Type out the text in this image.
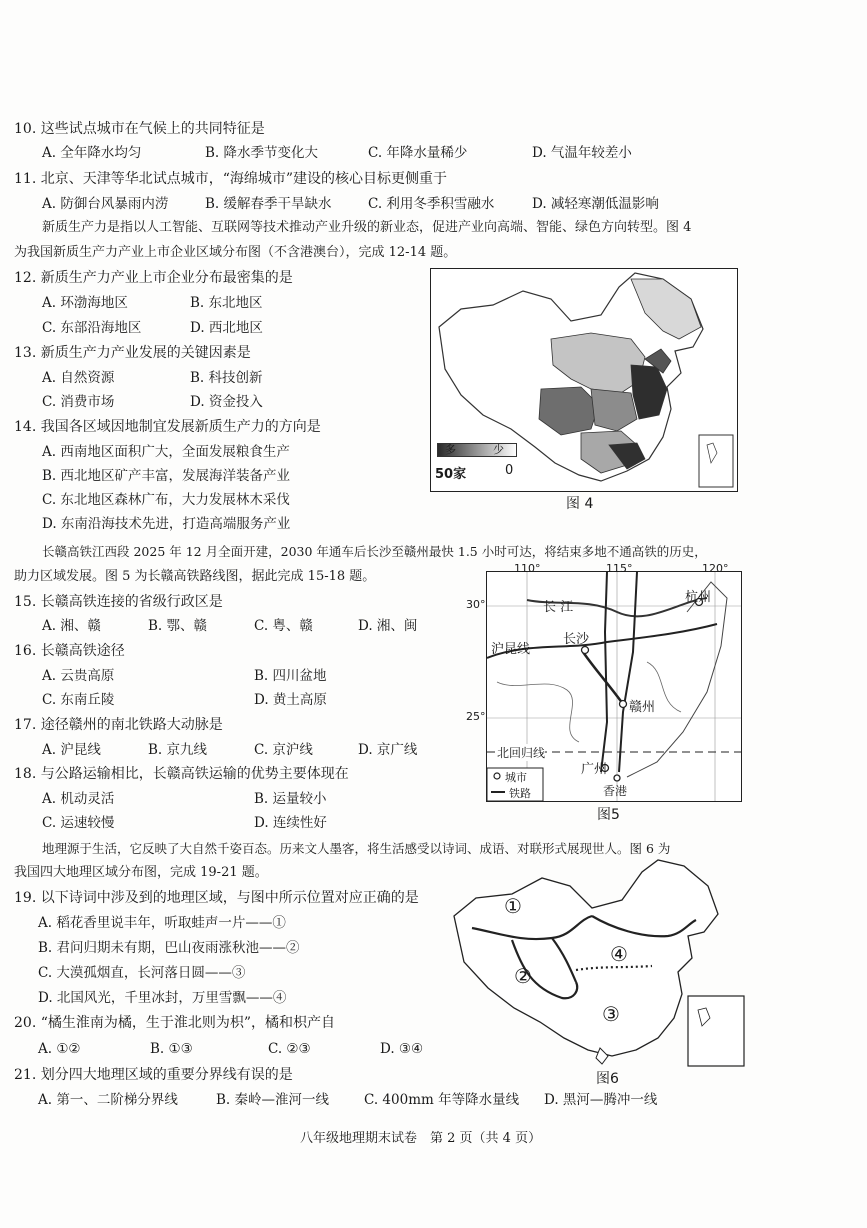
10. 这些试点城市在气候上的共同特征是
A. 全年降水均匀	B. 降水季节变化大	C. 年降水量稀少	D. 气温年较差小
11. 北京、天津等华北试点城市，“海绵城市”建设的核心目标更侧重于
A. 防御台风暴雨内涝	B. 缓解春季干旱缺水	C. 利用冬季积雪融水	D. 减轻寒潮低温影响
新质生产力是指以人工智能、互联网等技术推动产业升级的新业态，促进产业向高端、智能、绿色方向转型。图 4
为我国新质生产力产业上市企业区域分布图（不含港澳台），完成 12-14 题。
12. 新质生产力产业上市企业分布最密集的是
A. 环渤海地区	B. 东北地区
C. 东部沿海地区	D. 西北地区
13. 新质生产力产业发展的关键因素是
A. 自然资源	B. 科技创新
C. 消费市场	D. 资金投入
14. 我国各区域因地制宜发展新质生产力的方向是
A. 西南地区面积广大，全面发展粮食生产
B. 西北地区矿产丰富，发展海洋装备产业
C. 东北地区森林广布，大力发展林木采伐
D. 东南沿海技术先进，打造高端服务产业
多	少
50家	0
图 4
长赣高铁江西段 2025 年 12 月全面开建，2030 年通车后长沙至赣州最快 1.5 小时可达，将结束多地不通高铁的历史，
助力区域发展。图 5 为长赣高铁路线图，据此完成 15-18 题。
15. 长赣高铁连接的省级行政区是
A. 湘、赣	B. 鄂、赣	C. 粤、赣	D. 湘、闽
16. 长赣高铁途径
A. 云贵高原	B. 四川盆地
C. 东南丘陵	D. 黄土高原
17. 途径赣州的南北铁路大动脉是
A. 沪昆线	B. 京九线	C. 京沪线	D. 京广线
18. 与公路运输相比，长赣高铁运输的优势主要体现在
A. 机动灵活	B. 运量较小
C. 运速较慢	D. 连续性好
长 江
杭州
长沙
沪昆线
赣州
北回归线
广州
香港
城市
铁路
110°	115°	120°
30°
25°
图5
地理源于生活，它反映了大自然千姿百态。历来文人墨客，将生活感受以诗词、成语、对联形式展现世人。图 6 为
我国四大地理区域分布图，完成 19-21 题。
19. 以下诗词中涉及到的地理区域，与图中所示位置对应正确的是
A. 稻花香里说丰年，听取蛙声一片——①
B. 君问归期未有期，巴山夜雨涨秋池——②
C. 大漠孤烟直，长河落日圆——③
D. 北国风光，千里冰封，万里雪飘——④
20. “橘生淮南为橘，生于淮北则为枳”，橘和枳产自
A. ①②	B. ①③	C. ②③	D. ③④
21. 划分四大地理区域的重要分界线有误的是
A. 第一、二阶梯分界线	B. 秦岭—淮河一线	C. 400mm 年等降水量线 D. 黑河—腾冲一线
①
②
③
④
图6
八年级地理期末试卷　第 2 页（共 4 页）
